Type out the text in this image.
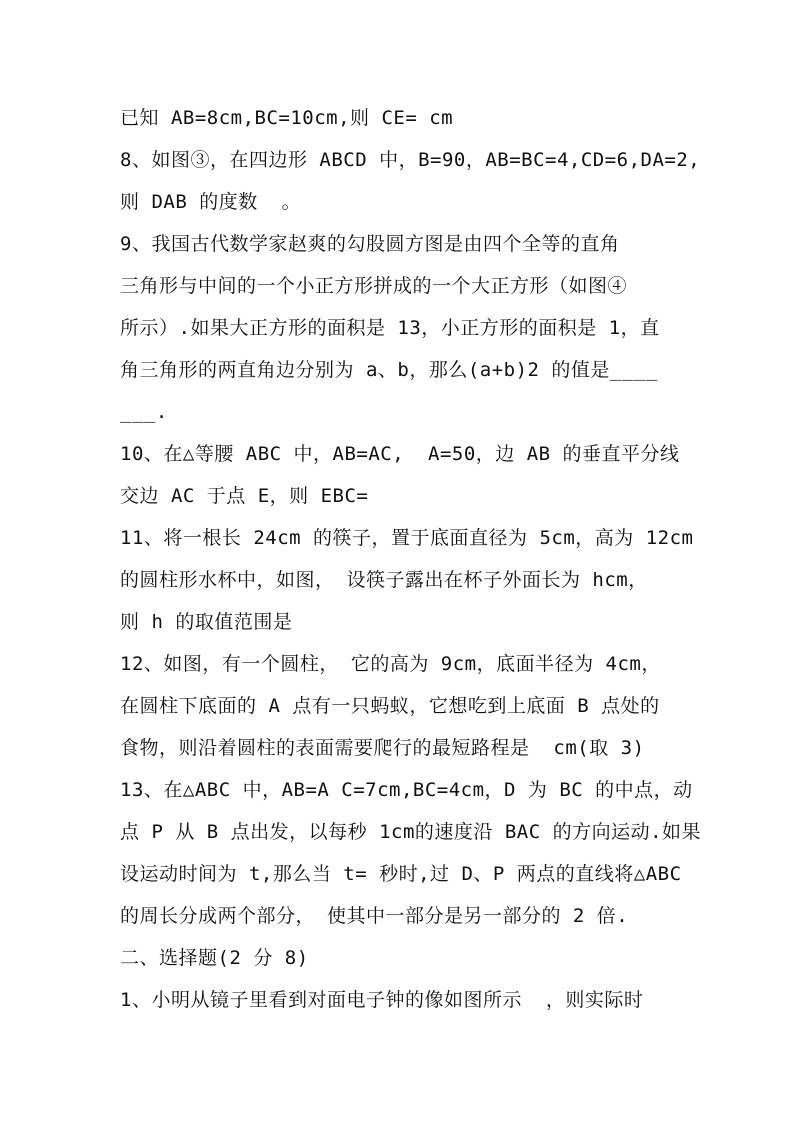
已知 AB=8cm,BC=10cm,则 CE= cm
8、如图③，在四边形 ABCD 中，B=90，AB=BC=4,CD=6,DA=2,
则 DAB 的度数  。
9、我国古代数学家赵爽的勾股圆方图是由四个全等的直角
三角形与中间的一个小正方形拼成的一个大正方形（如图④
所示）.如果大正方形的面积是 13，小正方形的面积是 1，直
角三角形的两直角边分别为 a、b，那么(a+b)2 的值是____
___.
10、在△等腰 ABC 中，AB=AC,  A=50，边 AB 的垂直平分线
交边 AC 于点 E，则 EBC=
11、将一根长 24cm 的筷子，置于底面直径为 5cm，高为 12cm
的圆柱形水杯中，如图， 设筷子露出在杯子外面长为 hcm，
则 h 的取值范围是
12、如图，有一个圆柱， 它的高为 9cm，底面半径为 4cm，
在圆柱下底面的 A 点有一只蚂蚁，它想吃到上底面 B 点处的
食物，则沿着圆柱的表面需要爬行的最短路程是  cm(取 3)
13、在△ABC 中，AB=A C=7cm,BC=4cm，D 为 BC 的中点，动
点 P 从 B 点出发，以每秒 1cm的速度沿 BAC 的方向运动.如果
设运动时间为 t,那么当 t= 秒时,过 D、P 两点的直线将△ABC
的周长分成两个部分， 使其中一部分是另一部分的 2 倍.
二、选择题(2 分 8)
1、小明从镜子里看到对面电子钟的像如图所示  ，则实际时
